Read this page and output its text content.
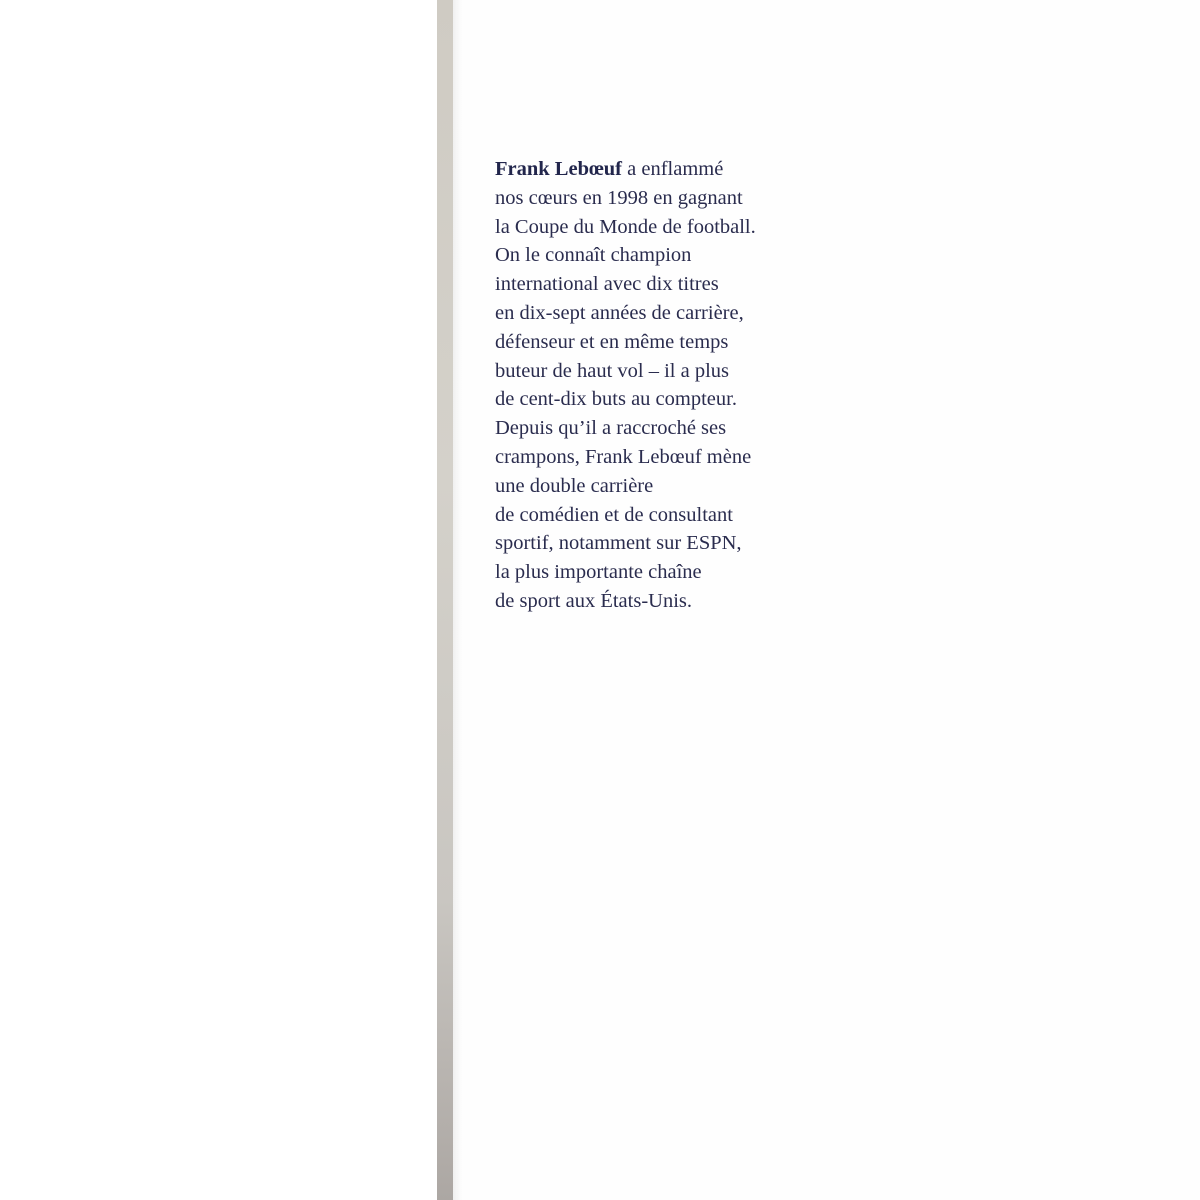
Frank Lebœuf a enflammé
nos cœurs en 1998 en gagnant
la Coupe du Monde de football.
On le connaît champion
international avec dix titres
en dix-sept années de carrière,
défenseur et en même temps
buteur de haut vol – il a plus
de cent-dix buts au compteur.
Depuis qu’il a raccroché ses
crampons, Frank Lebœuf mène
une double carrière
de comédien et de consultant
sportif, notamment sur ESPN,
la plus importante chaîne
de sport aux États-Unis.
